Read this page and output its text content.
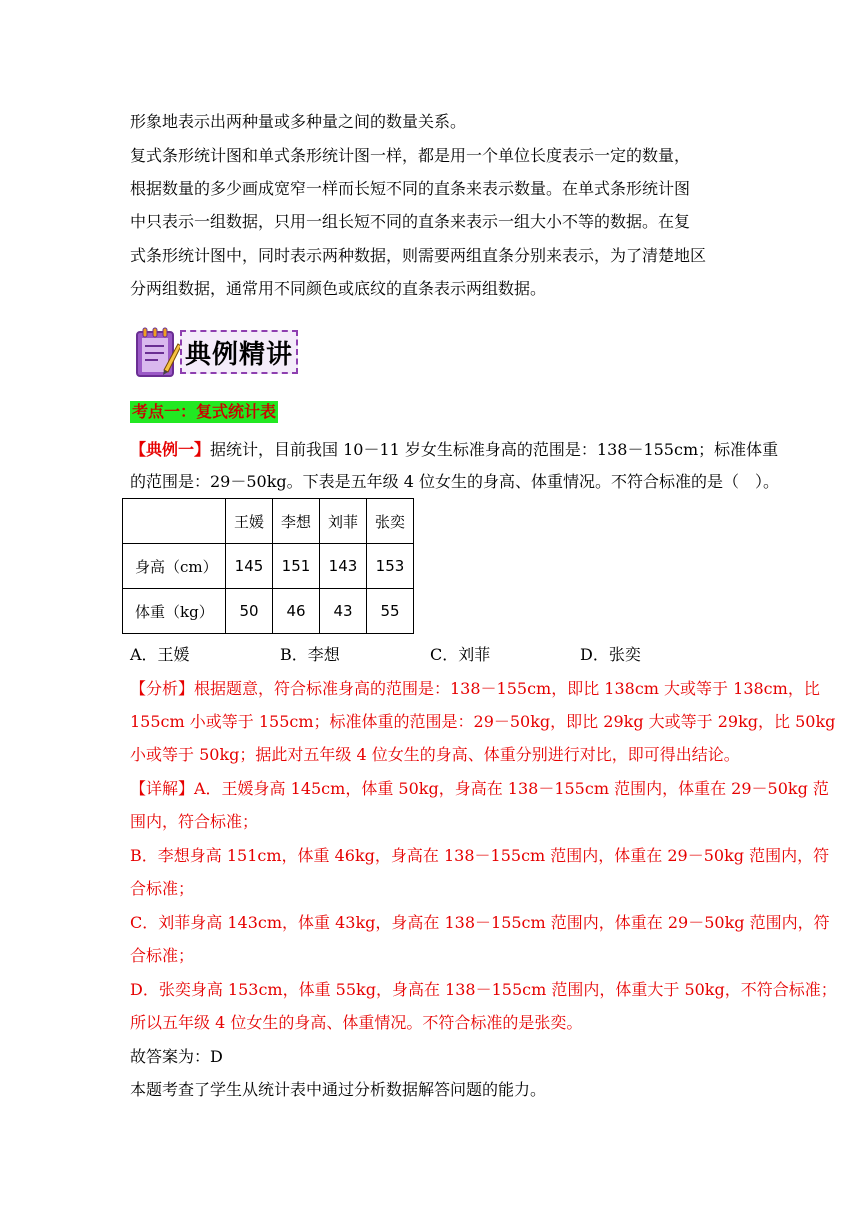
形象地表示出两种量或多种量之间的数量关系。
复式条形统计图和单式条形统计图一样，都是用一个单位长度表示一定的数量，
根据数量的多少画成宽窄一样而长短不同的直条来表示数量。在单式条形统计图
中只表示一组数据，只用一组长短不同的直条来表示一组大小不等的数据。在复
式条形统计图中，同时表示两种数据，则需要两组直条分别来表示，为了清楚地区
分两组数据，通常用不同颜色或底纹的直条表示两组数据。
典例精讲
考点一：复式统计表
【典例一】据统计，目前我国 10－11 岁女生标准身高的范围是：138－155cm；标准体重
的范围是：29－50kg。下表是五年级 4 位女生的身高、体重情况。不符合标准的是（　）。
	王媛	李想	刘菲	张奕
身高（cm）	145	151	143	153
体重（kg）	50	46	43	55
A．王媛	B．李想	C．刘菲	D．张奕
【分析】根据题意，符合标准身高的范围是：138－155cm，即比 138cm 大或等于 138cm，比
155cm 小或等于 155cm；标准体重的范围是：29－50kg，即比 29kg 大或等于 29kg，比 50kg
小或等于 50kg；据此对五年级 4 位女生的身高、体重分别进行对比，即可得出结论。
【详解】A．王媛身高 145cm，体重 50kg，身高在 138－155cm 范围内，体重在 29－50kg 范
围内，符合标准；
B．李想身高 151cm，体重 46kg，身高在 138－155cm 范围内，体重在 29－50kg 范围内，符
合标准；
C．刘菲身高 143cm，体重 43kg，身高在 138－155cm 范围内，体重在 29－50kg 范围内，符
合标准；
D．张奕身高 153cm，体重 55kg，身高在 138－155cm 范围内，体重大于 50kg，不符合标准；
所以五年级 4 位女生的身高、体重情况。不符合标准的是张奕。
故答案为：D
本题考查了学生从统计表中通过分析数据解答问题的能力。
